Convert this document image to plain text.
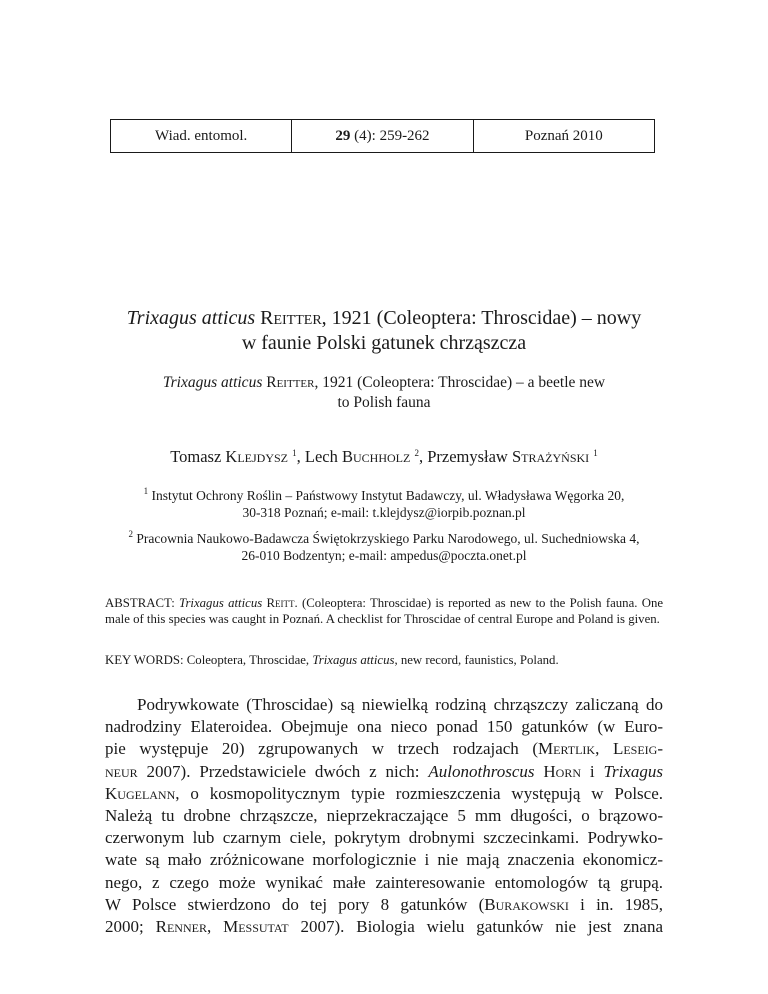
Wiad. entomol.	29 (4): 259-262	Poznań 2010
Trixagus atticus Reitter, 1921 (Coleoptera: Throscidae) – nowy
w faunie Polski gatunek chrząszcza
Trixagus atticus Reitter, 1921 (Coleoptera: Throscidae) – a beetle new
to Polish fauna
Tomasz Klejdysz $^1$, Lech Buchholz $^2$, Przemysław Strażyński $^1$
$^1$ Instytut Ochrony Roślin – Państwowy Instytut Badawczy, ul. Władysława Węgorka 20,
30-318 Poznań; e-mail: t.klejdysz@iorpib.poznan.pl
$^2$ Pracownia Naukowo-Badawcza Świętokrzyskiego Parku Narodowego, ul. Suchedniowska 4,
26-010 Bodzentyn; e-mail: ampedus@poczta.onet.pl

ABSTRACT: Trixagus atticus Reitt. (Coleoptera: Throscidae) is reported as new to the Polish fauna. One male of this species was caught in Poznań. A checklist for Throscidae of central Europe and Poland is given.

KEY WORDS: Coleoptera, Throscidae, Trixagus atticus, new record, faunistics, Poland.

Podrywkowate (Throscidae) są niewielką rodziną chrząszczy zaliczaną do
nadrodziny Elateroidea. Obejmuje ona nieco ponad 150 gatunków (w Euro-
pie występuje 20) zgrupowanych w trzech rodzajach (Mertlik, Leseig-
neur 2007). Przedstawiciele dwóch z nich: Aulonothroscus Horn i Trixagus
Kugelann, o kosmopolitycznym typie rozmieszczenia występują w Polsce.
Należą tu drobne chrząszcze, nieprzekraczające 5 mm długości, o brązowo-
czerwonym lub czarnym ciele, pokrytym drobnymi szczecinkami. Podrywko-
wate są mało zróżnicowane morfologicznie i nie mają znaczenia ekonomicz-
nego, z czego może wynikać małe zainteresowanie entomologów tą grupą.
W Polsce stwierdzono do tej pory 8 gatunków (Burakowski i in. 1985,
2000; Renner, Messutat 2007). Biologia wielu gatunków nie jest znana
